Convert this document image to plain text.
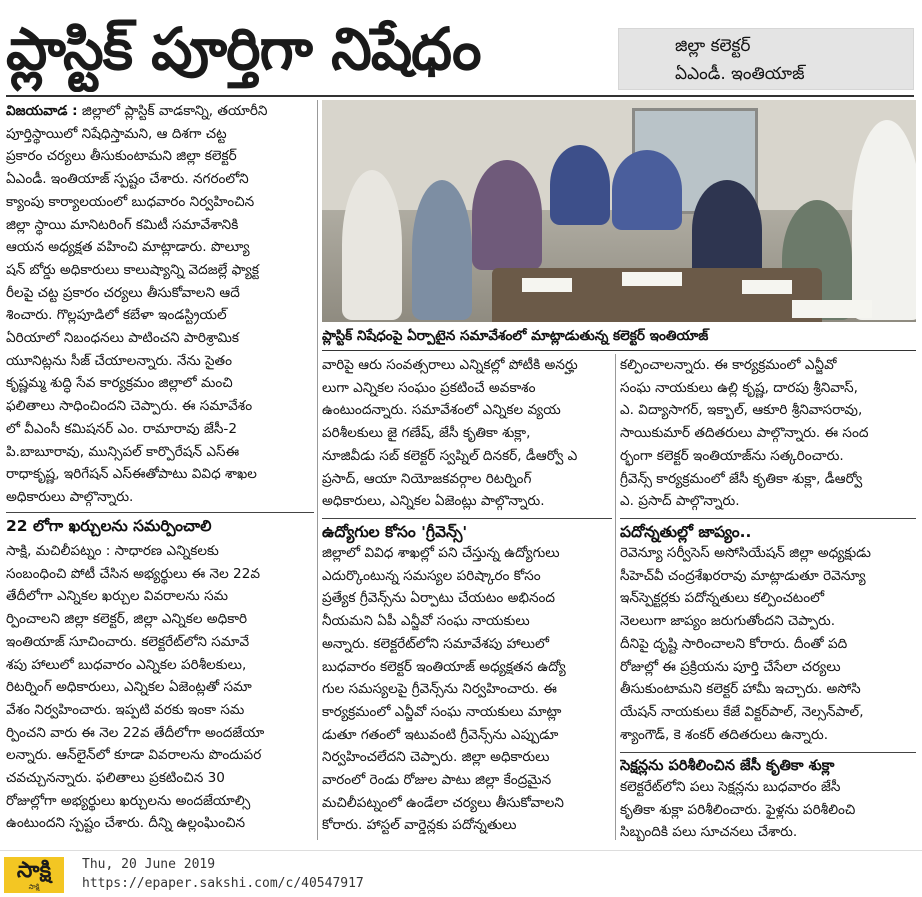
ప్లాస్టిక్ పూర్తిగా నిషేధం	జిల్లా కలెక్టర్
ఏఎండీ. ఇంతియాజ్
విజయవాడ : జిల్లాలో ప్లాస్టిక్ వాడకాన్ని, తయారీని
పూర్తిస్థాయిలో నిషేధిస్తామని, ఆ దిశగా చట్ట
ప్రకారం చర్యలు తీసుకుంటామని జిల్లా కలెక్టర్
ఏఎండీ. ఇంతియాజ్ స్పష్టం చేశారు. నగరంలోని
క్యాంపు కార్యాలయంలో బుధవారం నిర్వహించిన
జిల్లా స్థాయి మానిటరింగ్ కమిటీ సమావేశానికి
ఆయన అధ్యక్షత వహించి మాట్లాడారు. పొల్యూ
షన్ బోర్డు అధికారులు కాలుష్యాన్ని వెదజల్లే ఫ్యాక్ట
రీలపై చట్ట ప్రకారం చర్యలు తీసుకోవాలని ఆదే
శించారు. గొల్లపూడిలో కబేళా ఇండస్ట్రియల్
ఏరియాలో నిబంధనలు పాటించని పారిశ్రామిక
యూనిట్లను సీజ్ చేయాలన్నారు. నేను సైతం
కృష్ణమ్మ శుద్ధి సేవ కార్యక్రమం జిల్లాలో మంచి
ఫలితాలు సాధించిందని చెప్పారు. ఈ సమావేశం
లో వీఎంసీ కమిషనర్ ఎం. రామారావు జేసీ-2
పి.బాబూరావు, మున్సిపల్ కార్పొరేషన్ ఎస్ఈ
రాధాకృష్ణ, ఇరిగేషన్ ఎస్ఈతోపాటు వివిధ శాఖల
అధికారులు పాల్గొన్నారు.
22 లోగా ఖర్చులను సమర్పించాలి
సాక్షి, మచిలీపట్నం : సాధారణ ఎన్నికలకు
సంబంధించి పోటీ చేసిన అభ్యర్థులు ఈ నెల 22వ
తేదీలోగా ఎన్నికల ఖర్చుల వివరాలను సమ
ర్పించాలని జిల్లా కలెక్టర్, జిల్లా ఎన్నికల అధికారి
ఇంతియాజ్ సూచించారు. కలెక్టరేట్‌లోని సమావే
శపు హాలులో బుధవారం ఎన్నికల పరిశీలకులు,
రిటర్నింగ్ అధికారులు, ఎన్నికల ఏజెంట్లతో సమా
వేశం నిర్వహించారు. ఇప్పటి వరకు ఇంకా సమ
ర్పించని వారు ఈ నెల 22వ తేదీలోగా అందజేయా
లన్నారు. ఆన్‌లైన్‌లో కూడా వివరాలను పొందుపర
చవచ్చునన్నారు. ఫలితాలు ప్రకటించిన 30
రోజుల్లోగా అభ్యర్థులు ఖర్చులను అందజేయాల్సి
ఉంటుందని స్పష్టం చేశారు. దీన్ని ఉల్లంఘించిన
ప్లాస్టిక్ నిషేధంపై ఏర్పాటైన సమావేశంలో మాట్లాడుతున్న కలెక్టర్ ఇంతియాజ్
వారిపై ఆరు సంవత్సరాలు ఎన్నికల్లో పోటీకి అనర్హు
లుగా ఎన్నికల సంఘం ప్రకటించే అవకాశం
ఉంటుందన్నారు. సమావేశంలో ఎన్నికల వ్యయ
పరిశీలకులు జై గణేష్, జేసీ కృతికా శుక్లా,
నూజివీడు సబ్ కలెక్టర్ స్వప్నిల్ దినకర్, డీఆర్వో ఎ
ప్రసాద్, ఆయా నియోజకవర్గాల రిటర్నింగ్
అధికారులు, ఎన్నికల ఏజెంట్లు పాల్గొన్నారు.
ఉద్యోగుల కోసం 'గ్రీవెన్స్'
జిల్లాలో వివిధ శాఖల్లో పని చేస్తున్న ఉద్యోగులు
ఎదుర్కొంటున్న సమస్యల పరిష్కారం కోసం
ప్రత్యేక గ్రీవెన్స్‌ను ఏర్పాటు చేయటం అభినంద
నీయమని ఏపీ ఎన్జీవో సంఘ నాయకులు
అన్నారు. కలెక్టరేట్‌లోని సమావేశపు హాలులో
బుధవారం కలెక్టర్ ఇంతియాజ్ అధ్యక్షతన ఉద్యో
గుల సమస్యలపై గ్రీవెన్స్‌ను నిర్వహించారు. ఈ
కార్యక్రమంలో ఎన్జీవో సంఘ నాయకులు మాట్లా
డుతూ గతంలో ఇటువంటి గ్రీవెన్స్‌ను ఎప్పుడూ
నిర్వహించలేదని చెప్పారు. జిల్లా అధికారులు
వారంలో రెండు రోజుల పాటు జిల్లా కేంద్రమైన
మచిలీపట్నంలో ఉండేలా చర్యలు తీసుకోవాలని
కోరారు. హాస్టల్ వార్డెన్లకు పదోన్నతులు
కల్పించాలన్నారు. ఈ కార్యక్రమంలో ఎన్జీవో
సంఘ నాయకులు ఉల్లి కృష్ణ, దారపు శ్రీనివాస్,
ఎ. విద్యాసాగర్, ఇక్బాల్, ఆకూరి శ్రీనివాసరావు,
సాయికుమార్ తదితరులు పాల్గొన్నారు. ఈ సంద
ర్భంగా కలెక్టర్ ఇంతియాజ్‌ను సత్కరించారు.
గ్రీవెన్స్ కార్యక్రమంలో జేసీ కృతికా శుక్లా, డీఆర్వో
ఎ. ప్రసాద్ పాల్గొన్నారు.
పదోన్నతుల్లో జాప్యం..
రెవెన్యూ సర్వీసెస్ అసోసియేషన్ జిల్లా అధ్యక్షుడు
సీహెచ్‌వీ చంద్రశేఖరరావు మాట్లాడుతూ రెవెన్యూ
ఇన్‌స్పెక్టర్లకు పదోన్నతులు కల్పించటంలో
నెలలుగా జాప్యం జరుగుతోందని చెప్పారు.
దీనిపై దృష్టి సారించాలని కోరారు. దీంతో పది
రోజుల్లో ఈ ప్రక్రియను పూర్తి చేసేలా చర్యలు
తీసుకుంటామని కలెక్టర్ హామీ ఇచ్చారు. అసోసి
యేషన్ నాయకులు కేజే విక్టర్‌పాల్, నెల్సన్‌పాల్,
శ్యాంగౌడ్, కె శంకర్ తదితరులు ఉన్నారు.
సెక్షన్లను పరిశీలించిన జేసీ కృతికా శుక్లా
కలెక్టరేట్‌లోని పలు సెక్షన్లను బుధవారం జేసీ
కృతికా శుక్లా పరిశీలించారు. ఫైళ్లను పరిశీలించి
సిబ్బందికి పలు సూచనలు చేశారు.
సాక్షి
సాక్షి
Thu, 20 June 2019
https://epaper.sakshi.com/c/40547917
